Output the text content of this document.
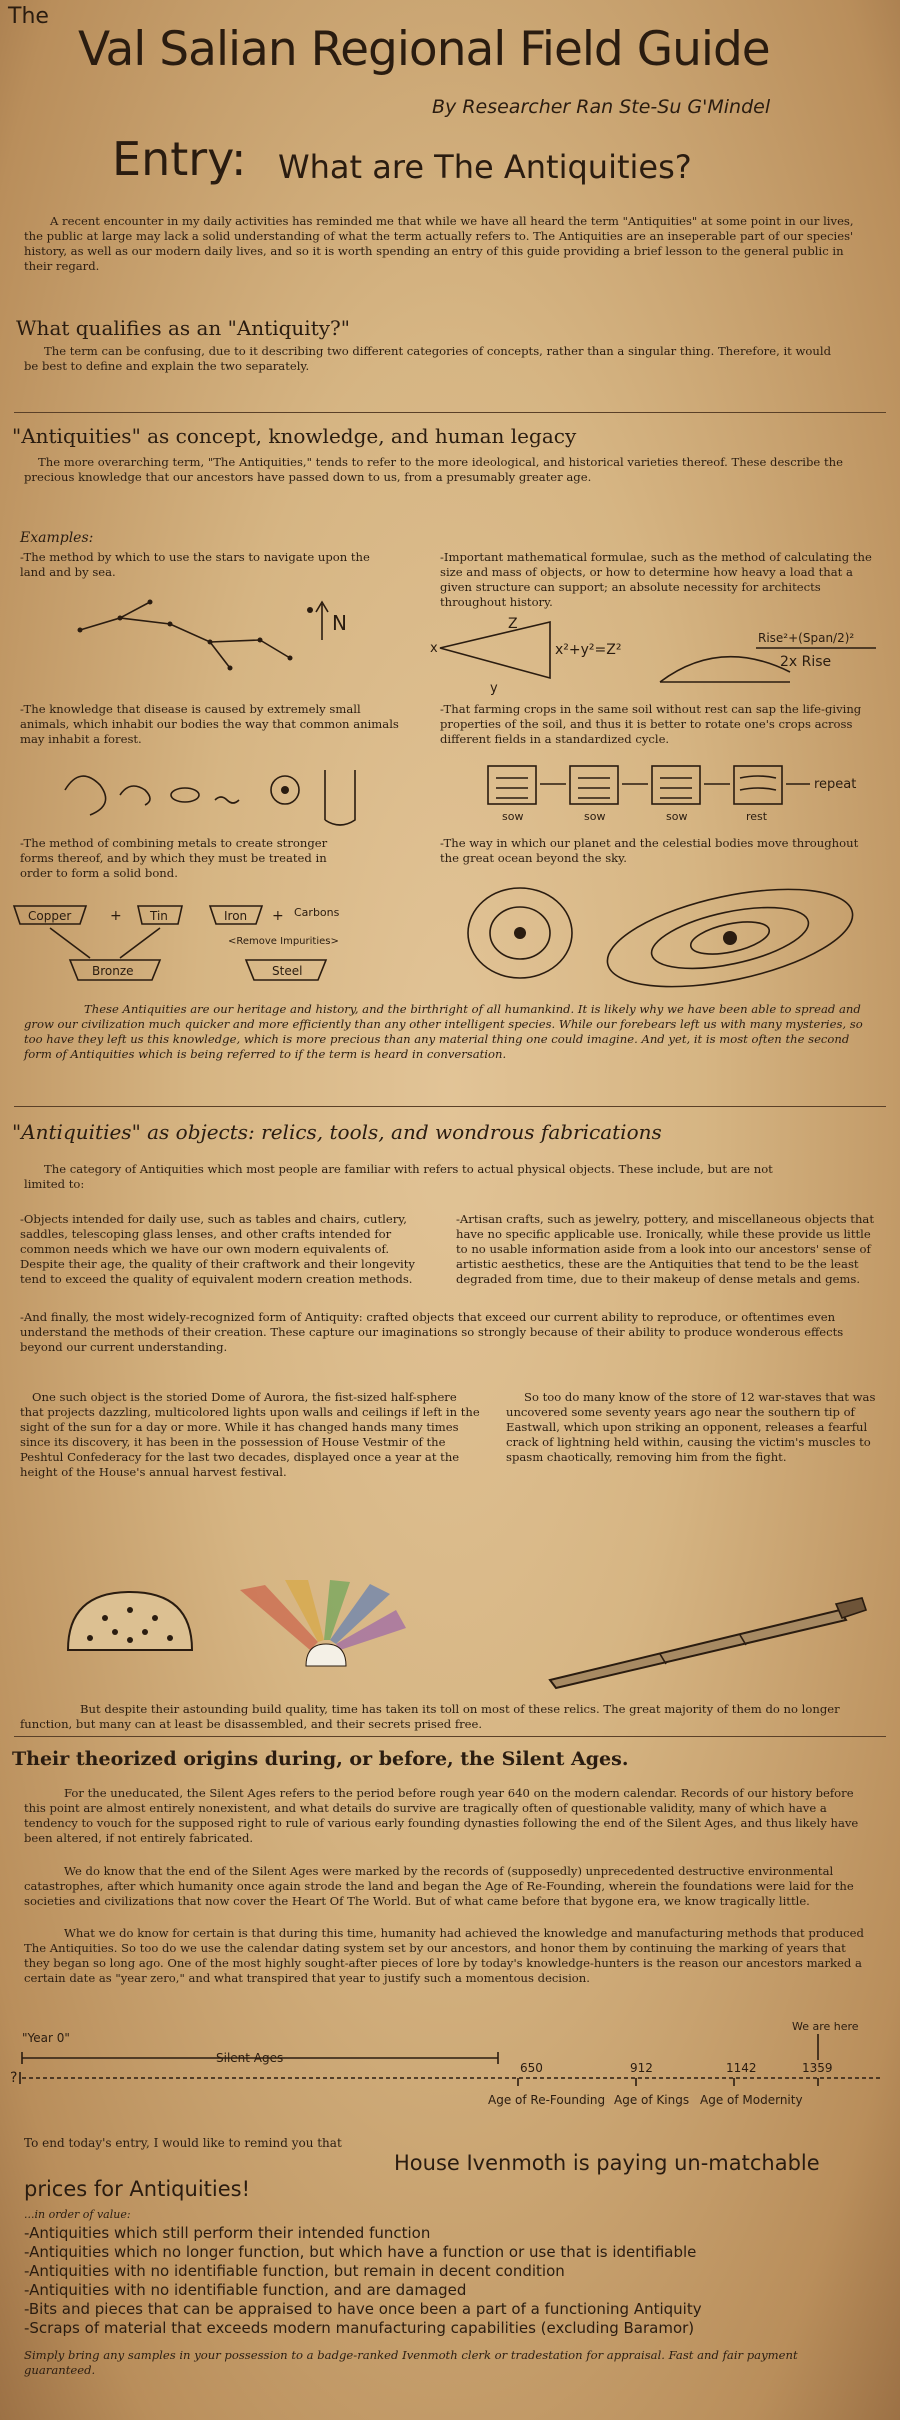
The
Val Salian Regional Field Guide
By Researcher Ran Ste-Su G'Mindel
Entry: What are The Antiquities?

A recent encounter in my daily activities has reminded me that while we have all heard the term "Antiquities" at some point in our lives, the public at large may lack a solid understanding of what the term actually refers to. The Antiquities are an inseperable part of our species' history, as well as our modern daily lives, and so it is worth spending an entry of this guide providing a brief lesson to the general public in their regard.

What qualifies as an "Antiquity?"

The term can be confusing, due to it describing two different categories of concepts, rather than a singular thing. Therefore, it would be best to define and explain the two separately.

"Antiquities" as concept, knowledge, and human legacy

The more overarching term, "The Antiquities," tends to refer to the more ideological, and historical varieties thereof. These describe the precious knowledge that our ancestors have passed down to us, from a presumably greater age.

Examples:

-The method by which to use the stars to navigate upon the land and by sea.

N

-Important mathematical formulae, such as the method of calculating the size and mass of objects, or how to determine how heavy a load that a given structure can support; an absolute necessity for architects throughout history.

x
Z
y
x²+y²=Z²
Rise²+(Span/2)²
2x Rise

-The knowledge that disease is caused by extremely small animals, which inhabit our bodies the way that common animals may inhabit a forest.

-That farming crops in the same soil without rest can sap the life-giving properties of the soil, and thus it is better to rotate one's crops across different fields in a standardized cycle.

sow	sow	sow	rest
repeat

-The method of combining metals to create stronger forms thereof, and by which they must be treated in order to form a solid bond.

Copper	+ Tin
Bronze
Iron + Carbons
<Remove Impurities>
Steel

-The way in which our planet and the celestial bodies move throughout the great ocean beyond the sky.

These Antiquities are our heritage and history, and the birthright of all humankind. It is likely why we have been able to spread and grow our civilization much quicker and more efficiently than any other intelligent species. While our forebears left us with many mysteries, so too have they left us this knowledge, which is more precious than any material thing one could imagine. And yet, it is most often the second form of Antiquities which is being referred to if the term is heard in conversation.

"Antiquities" as objects: relics, tools, and wondrous fabrications

The category of Antiquities which most people are familiar with refers to actual physical objects. These include, but are not limited to:

-Objects intended for daily use, such as tables and chairs, cutlery, saddles, telescoping glass lenses, and other crafts intended for common needs which we have our own modern equivalents of. Despite their age, the quality of their craftwork and their longevity tend to exceed the quality of equivalent modern creation methods.

-Artisan crafts, such as jewelry, pottery, and miscellaneous objects that have no specific applicable use. Ironically, while these provide us little to no usable information aside from a look into our ancestors' sense of artistic aesthetics, these are the Antiquities that tend to be the least degraded from time, due to their makeup of dense metals and gems.

-And finally, the most widely-recognized form of Antiquity: crafted objects that exceed our current ability to reproduce, or oftentimes even understand the methods of their creation. These capture our imaginations so strongly because of their ability to produce wonderous effects beyond our current understanding.

One such object is the storied Dome of Aurora, the fist-sized half-sphere that projects dazzling, multicolored lights upon walls and ceilings if left in the sight of the sun for a day or more. While it has changed hands many times since its discovery, it has been in the possession of House Vestmir of the Peshtul Confederacy for the last two decades, displayed once a year at the height of the House's annual harvest festival.

So too do many know of the store of 12 war-staves that was uncovered some seventy years ago near the southern tip of Eastwall, which upon striking an opponent, releases a fearful crack of lightning held within, causing the victim's muscles to spasm chaotically, removing him from the fight.

But despite their astounding build quality, time has taken its toll on most of these relics. The great majority of them do no longer function, but many can at least be disassembled, and their secrets prised free.

Their theorized origins during, or before, the Silent Ages.

For the uneducated, the Silent Ages refers to the period before rough year 640 on the modern calendar. Records of our history before this point are almost entirely nonexistent, and what details do survive are tragically often of questionable validity, many of which have a tendency to vouch for the supposed right to rule of various early founding dynasties following the end of the Silent Ages, and thus likely have been altered, if not entirely fabricated.

We do know that the end of the Silent Ages were marked by the records of (supposedly) unprecedented destructive environmental catastrophes, after which humanity once again strode the land and began the Age of Re-Founding, wherein the foundations were laid for the societies and civilizations that now cover the Heart Of The World. But of what came before that bygone era, we know tragically little.

What we do know for certain is that during this time, humanity had achieved the knowledge and manufacturing methods that produced The Antiquities. So too do we use the calendar dating system set by our ancestors, and honor them by continuing the marking of years that they began so long ago. One of the most highly sought-after pieces of lore by today's knowledge-hunters is the reason our ancestors marked a certain date as "year zero," and what transpired that year to justify such a momentous decision.

"Year 0"
?
Silent Ages
650
Age of Re-Founding
912
Age of Kings
1142
Age of Modernity
1359
We are here
To end today's entry, I would like to remind you that
House Ivenmoth is paying un-matchable prices for Antiquities!
...in order of value:
-Antiquities which still perform their intended function
-Antiquities which no longer function, but which have a function or use that is identifiable
-Antiquities with no identifiable function, but remain in decent condition
-Antiquities with no identifiable function, and are damaged
-Bits and pieces that can be appraised to have once been a part of a functioning Antiquity
-Scraps of material that exceeds modern manufacturing capabilities (excluding Baramor)

Simply bring any samples in your possession to a badge-ranked Ivenmoth clerk or tradestation for appraisal. Fast and fair payment guaranteed.
